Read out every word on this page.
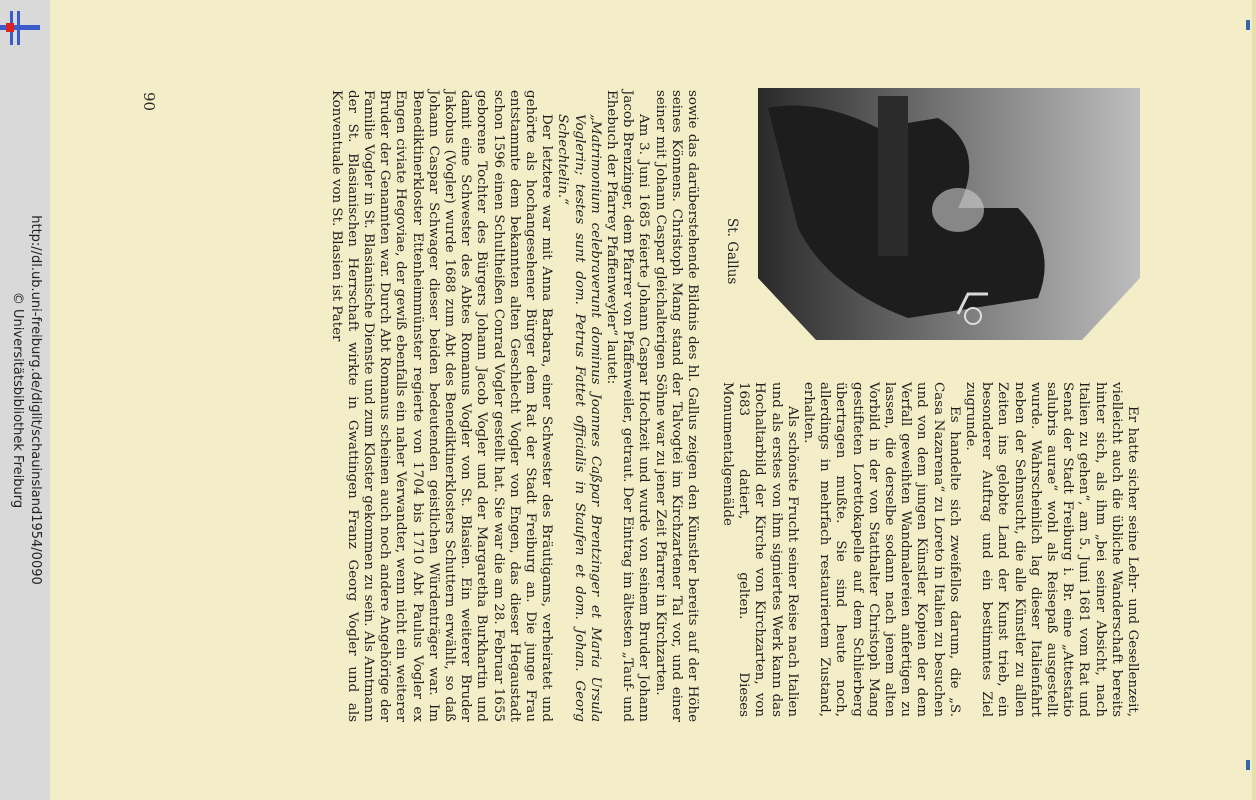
http://dl.ub.uni-freiburg.de/diglit/schauinsland1954/0090
© Universitätsbibliothek Freiburg
90
St. Gallus

Er hatte sicher seine Lehr- und Gesellenzeit, vielleicht auch die übliche Wanderschaft bereits hinter sich, als ihm „bei seiner Absicht, nach Italien zu gehen“, am 5. Juni 1681 vom Rat und Senat der Stadt Freiburg i. Br. eine „Attestatio salubris aurae“ wohl als Reisepaß ausgestellt wurde. Wahrscheinlich lag dieser Italienfahrt neben der Sehnsucht, die alle Künstler zu allen Zeiten ins gelobte Land der Kunst trieb, ein besonderer Auftrag und ein bestimmtes Ziel zugrunde.

Es handelte sich zweifellos darum, die „S. Casa Nazarena“ zu Loreto in Italien zu besuchen und von dem jungen Künstler Kopien der dem Verfall geweihten Wandmalereien anfertigen zu lassen, die derselbe sodann nach jenem alten Vorbild in der von Statthalter Christoph Mang gestifteten Lorettokapelle auf dem Schlierberg übertragen mußte. Sie sind heute noch, allerdings in mehrfach restauriertem Zustand, erhalten.

Als schönste Frucht seiner Reise nach Italien und als erstes von ihm signiertes Werk kann das Hochaltarbild der Kirche von Kirchzarten, von 1683 datiert, gelten. Dieses Monumentalgemälde

sowie das darüberstehende Bildnis des hl. Gallus zeigen den Künstler bereits auf der Höhe seines Könnens. Christoph Mang stand der Talvogtei im Kirchzartener Tal vor, und einer seiner mit Johann Caspar gleichalterigen Söhne war zu jener Zeit Pfarrer in Kirchzarten.

Am 3. Juni 1685 feierte Johann Caspar Hochzeit und wurde von seinem Bruder Johann Jacob Brenzinger, dem Pfarrer von Pfaffenweiler, getraut. Der Eintrag im ältesten „Tauf- und Ehebuch der Pfarrey Pfaffenweyler“ lautet:

„Matrimonium celebraverunt dominus Joannes Caßpar Brentzinger et Maria Ursula Voglerin; testes sunt dom. Petrus Fattet officialis in Staufen et dom. Johan. Georg Schechtelin.“

Der letztere war mit Anna Barbara, einer Schwester des Bräutigams, verheiratet und gehörte als hochangesehener Bürger dem Rat der Stadt Freiburg an. Die junge Frau entstammte dem bekannten alten Geschlecht Vogler von Engen, das dieser Hegaustadt schon 1596 einen Schultheißen Conrad Vogler gestellt hat. Sie war die am 28. Februar 1655 geborene Tochter des Bürgers Johann Jacob Vogler und der Margaretha Burkhartin und damit eine Schwester des Abtes Romanus Vogler von St. Blasien. Ein weiterer Bruder Jakobus (Vogler) wurde 1688 zum Abt des Benediktinerklosters Schuttern erwählt, so daß Johann Caspar Schwager dieser beiden bedeutenden geistlichen Würdenträger war. Im Benediktinerkloster Ettenheimmünster regierte von 1704 bis 1710 Abt Paulus Vogler ex Engen civiate Hegoviae, der gewiß ebenfalls ein naher Verwandter, wenn nicht ein weiterer Bruder der Genannten war. Durch Abt Romanus scheinen auch noch andere Angehörige der Familie Vogler in St. Blasianische Dienste und zum Kloster gekommen zu sein. Als Amtmann der St. Blasianischen Herrschaft wirkte in Gwattingen Franz Georg Vogler und als Konventuale von St. Blasien ist Pater
